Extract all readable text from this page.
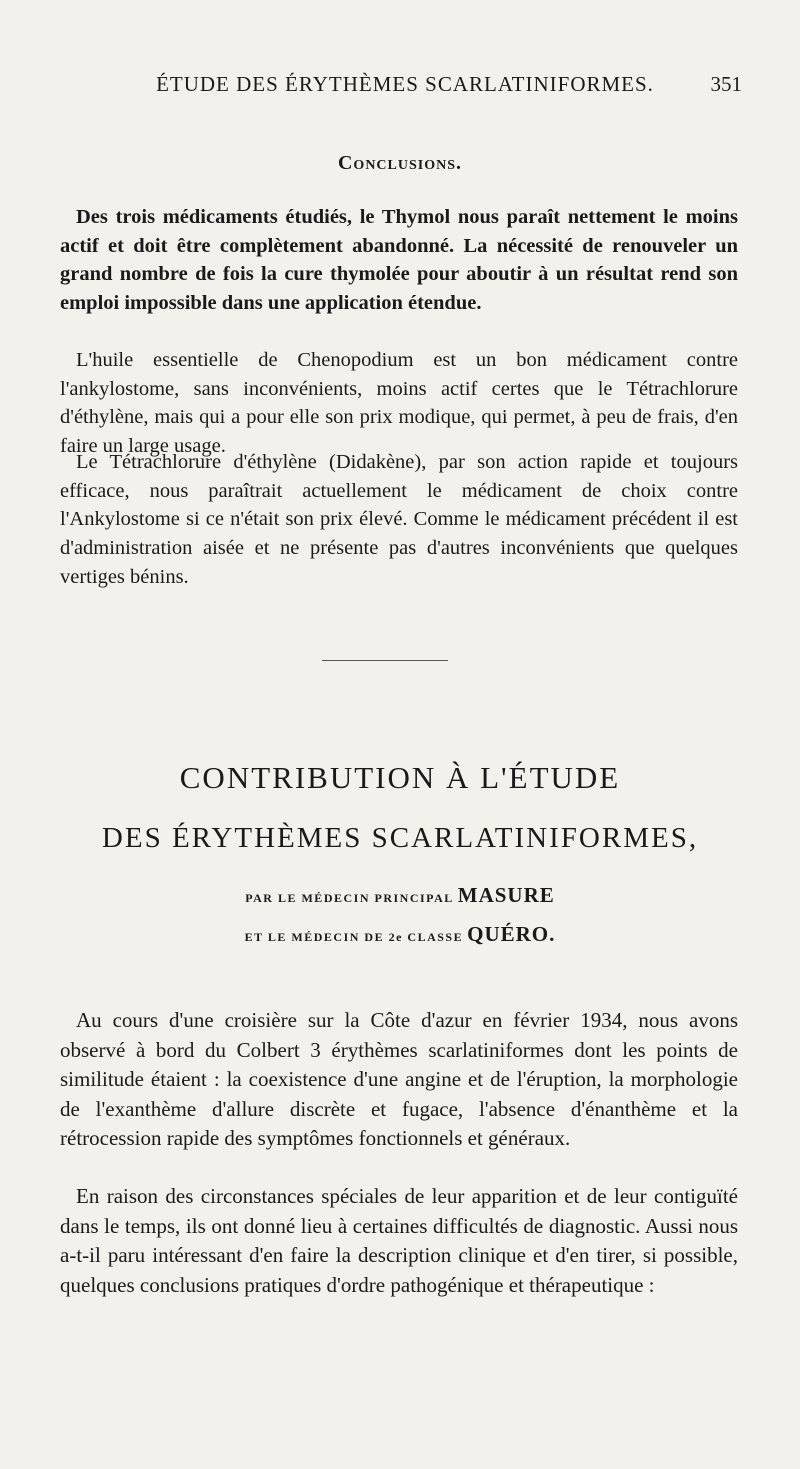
ÉTUDE DES ÉRYTHÈMES SCARLATINIFORMES.	351
Conclusions.
Des trois médicaments étudiés, le Thymol nous paraît nettement le moins actif et doit être complètement abandonné. La nécessité de renouveler un grand nombre de fois la cure thymolée pour aboutir à un résultat rend son emploi impossible dans une application étendue.
L'huile essentielle de Chenopodium est un bon médicament contre l'ankylostome, sans inconvénients, moins actif certes que le Tétrachlorure d'éthylène, mais qui a pour elle son prix modique, qui permet, à peu de frais, d'en faire un large usage.
Le Tétrachlorure d'éthylène (Didakène), par son action rapide et toujours efficace, nous paraîtrait actuellement le médicament de choix contre l'Ankylostome si ce n'était son prix élevé. Comme le médicament précédent il est d'administration aisée et ne présente pas d'autres inconvénients que quelques vertiges bénins.
CONTRIBUTION À L'ÉTUDE
DES ÉRYTHÈMES SCARLATINIFORMES,
PAR LE MÉDECIN PRINCIPAL MASURE
ET LE MÉDECIN DE 2e CLASSE QUÉRO.
Au cours d'une croisière sur la Côte d'azur en février 1934, nous avons observé à bord du Colbert 3 érythèmes scarlatiniformes dont les points de similitude étaient : la coexistence d'une angine et de l'éruption, la morphologie de l'exanthème d'allure discrète et fugace, l'absence d'énanthème et la rétrocession rapide des symptômes fonctionnels et généraux.
En raison des circonstances spéciales de leur apparition et de leur contiguïté dans le temps, ils ont donné lieu à certaines difficultés de diagnostic. Aussi nous a-t-il paru intéressant d'en faire la description clinique et d'en tirer, si possible, quelques conclusions pratiques d'ordre pathogénique et thérapeutique :
